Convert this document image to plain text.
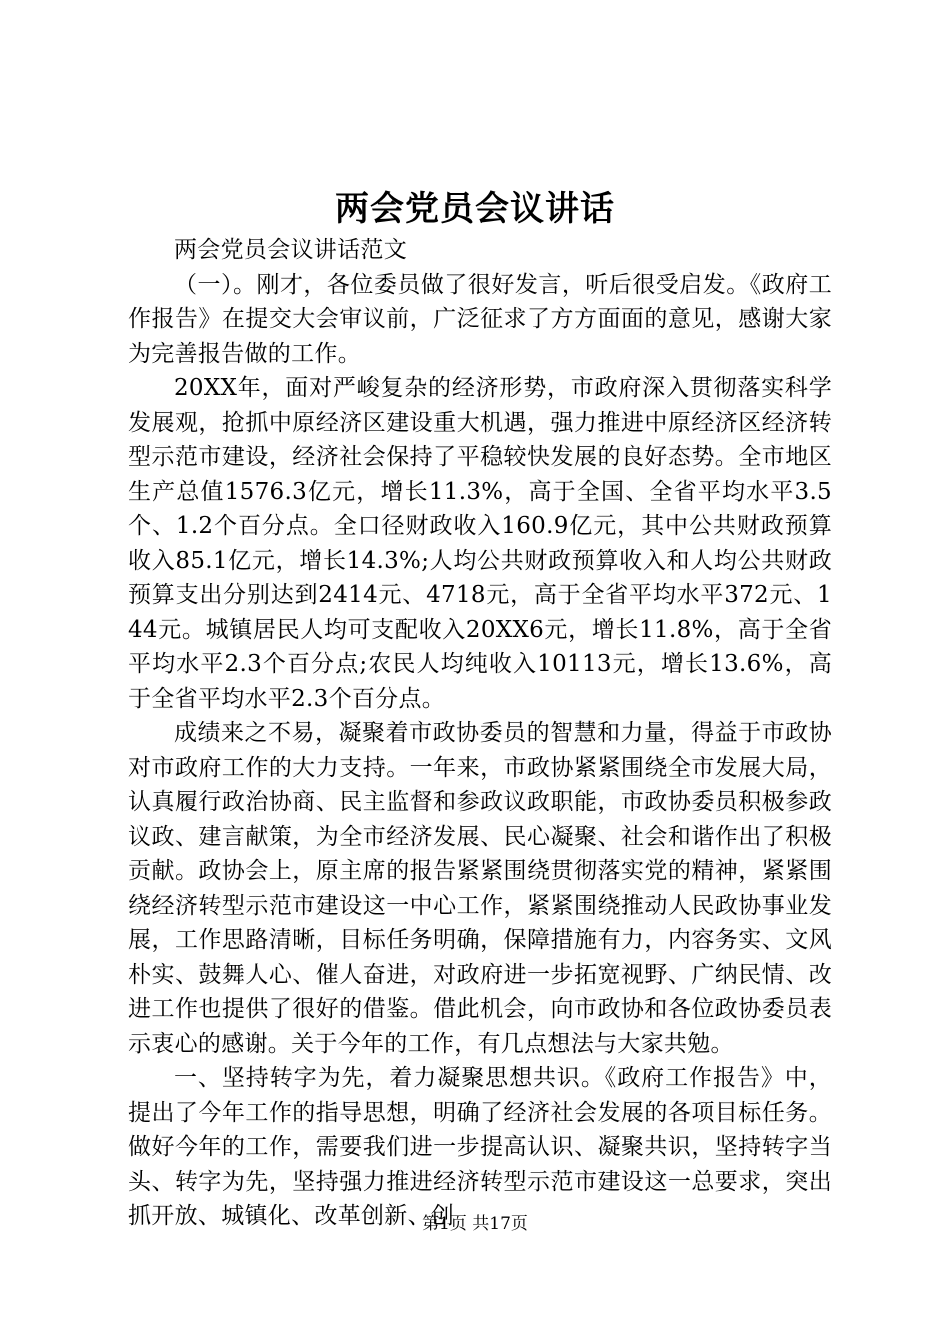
两会党员会议讲话

两会党员会议讲话范文

（一）。刚才，各位委员做了很好发言，听后很受启发。《政府工作报告》在提交大会审议前，广泛征求了方方面面的意见，感谢大家为完善报告做的工作。

20XX年，面对严峻复杂的经济形势，市政府深入贯彻落实科学发展观，抢抓中原经济区建设重大机遇，强力推进中原经济区经济转型示范市建设，经济社会保持了平稳较快发展的良好态势。全市地区生产总值1576.3亿元，增长11.3%，高于全国、全省平均水平3.5个、1.2个百分点。全口径财政收入160.9亿元，其中公共财政预算收入85.1亿元，增长14.3%;人均公共财政预算收入和人均公共财政预算支出分别达到2414元、4718元，高于全省平均水平372元、144元。城镇居民人均可支配收入20XX6元，增长11.8%，高于全省平均水平2.3个百分点;农民人均纯收入10113元，增长13.6%，高于全省平均水平2.3个百分点。

成绩来之不易，凝聚着市政协委员的智慧和力量，得益于市政协对市政府工作的大力支持。一年来，市政协紧紧围绕全市发展大局，认真履行政治协商、民主监督和参政议政职能，市政协委员积极参政议政、建言献策，为全市经济发展、民心凝聚、社会和谐作出了积极贡献。政协会上，原主席的报告紧紧围绕贯彻落实党的精神，紧紧围绕经济转型示范市建设这一中心工作，紧紧围绕推动人民政协事业发展，工作思路清晰，目标任务明确，保障措施有力，内容务实、文风朴实、鼓舞人心、催人奋进，对政府进一步拓宽视野、广纳民情、改进工作也提供了很好的借鉴。借此机会，向市政协和各位政协委员表示衷心的感谢。关于今年的工作，有几点想法与大家共勉。

一、坚持转字为先，着力凝聚思想共识。《政府工作报告》中，提出了今年工作的指导思想，明确了经济社会发展的各项目标任务。做好今年的工作，需要我们进一步提高认识、凝聚共识，坚持转字当头、转字为先，坚持强力推进经济转型示范市建设这一总要求，突出抓开放、城镇化、改革创新、创

第1页 共17页
